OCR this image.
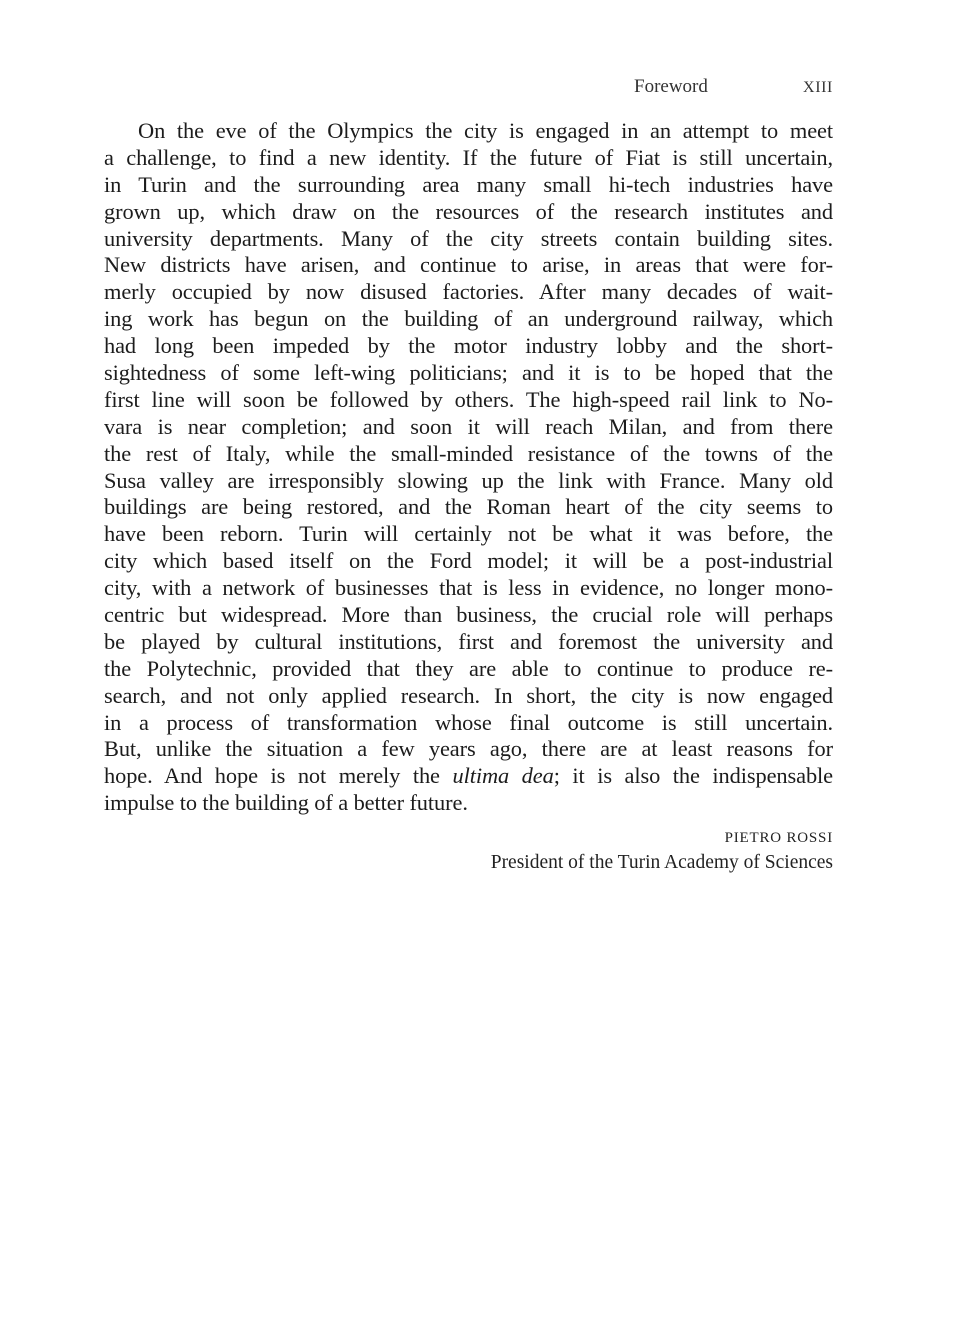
Foreword	XIII
On the eve of the Olympics the city is engaged in an attempt to meet
a challenge, to find a new identity. If the future of Fiat is still uncertain,
in Turin and the surrounding area many small hi-tech industries have
grown up, which draw on the resources of the research institutes and
university departments. Many of the city streets contain building sites.
New districts have arisen, and continue to arise, in areas that were for-
merly occupied by now disused factories. After many decades of wait-
ing work has begun on the building of an underground railway, which
had long been impeded by the motor industry lobby and the short-
sightedness of some left-wing politicians; and it is to be hoped that the
first line will soon be followed by others. The high-speed rail link to No-
vara is near completion; and soon it will reach Milan, and from there
the rest of Italy, while the small-minded resistance of the towns of the
Susa valley are irresponsibly slowing up the link with France. Many old
buildings are being restored, and the Roman heart of the city seems to
have been reborn. Turin will certainly not be what it was before, the
city which based itself on the Ford model; it will be a post-industrial
city, with a network of businesses that is less in evidence, no longer mono-
centric but widespread. More than business, the crucial role will perhaps
be played by cultural institutions, first and foremost the university and
the Polytechnic, provided that they are able to continue to produce re-
search, and not only applied research. In short, the city is now engaged
in a process of transformation whose final outcome is still uncertain.
But, unlike the situation a few years ago, there are at least reasons for
hope. And hope is not merely the ultima dea; it is also the indispensable
impulse to the building of a better future.
PIETRO ROSSI
President of the Turin Academy of Sciences
